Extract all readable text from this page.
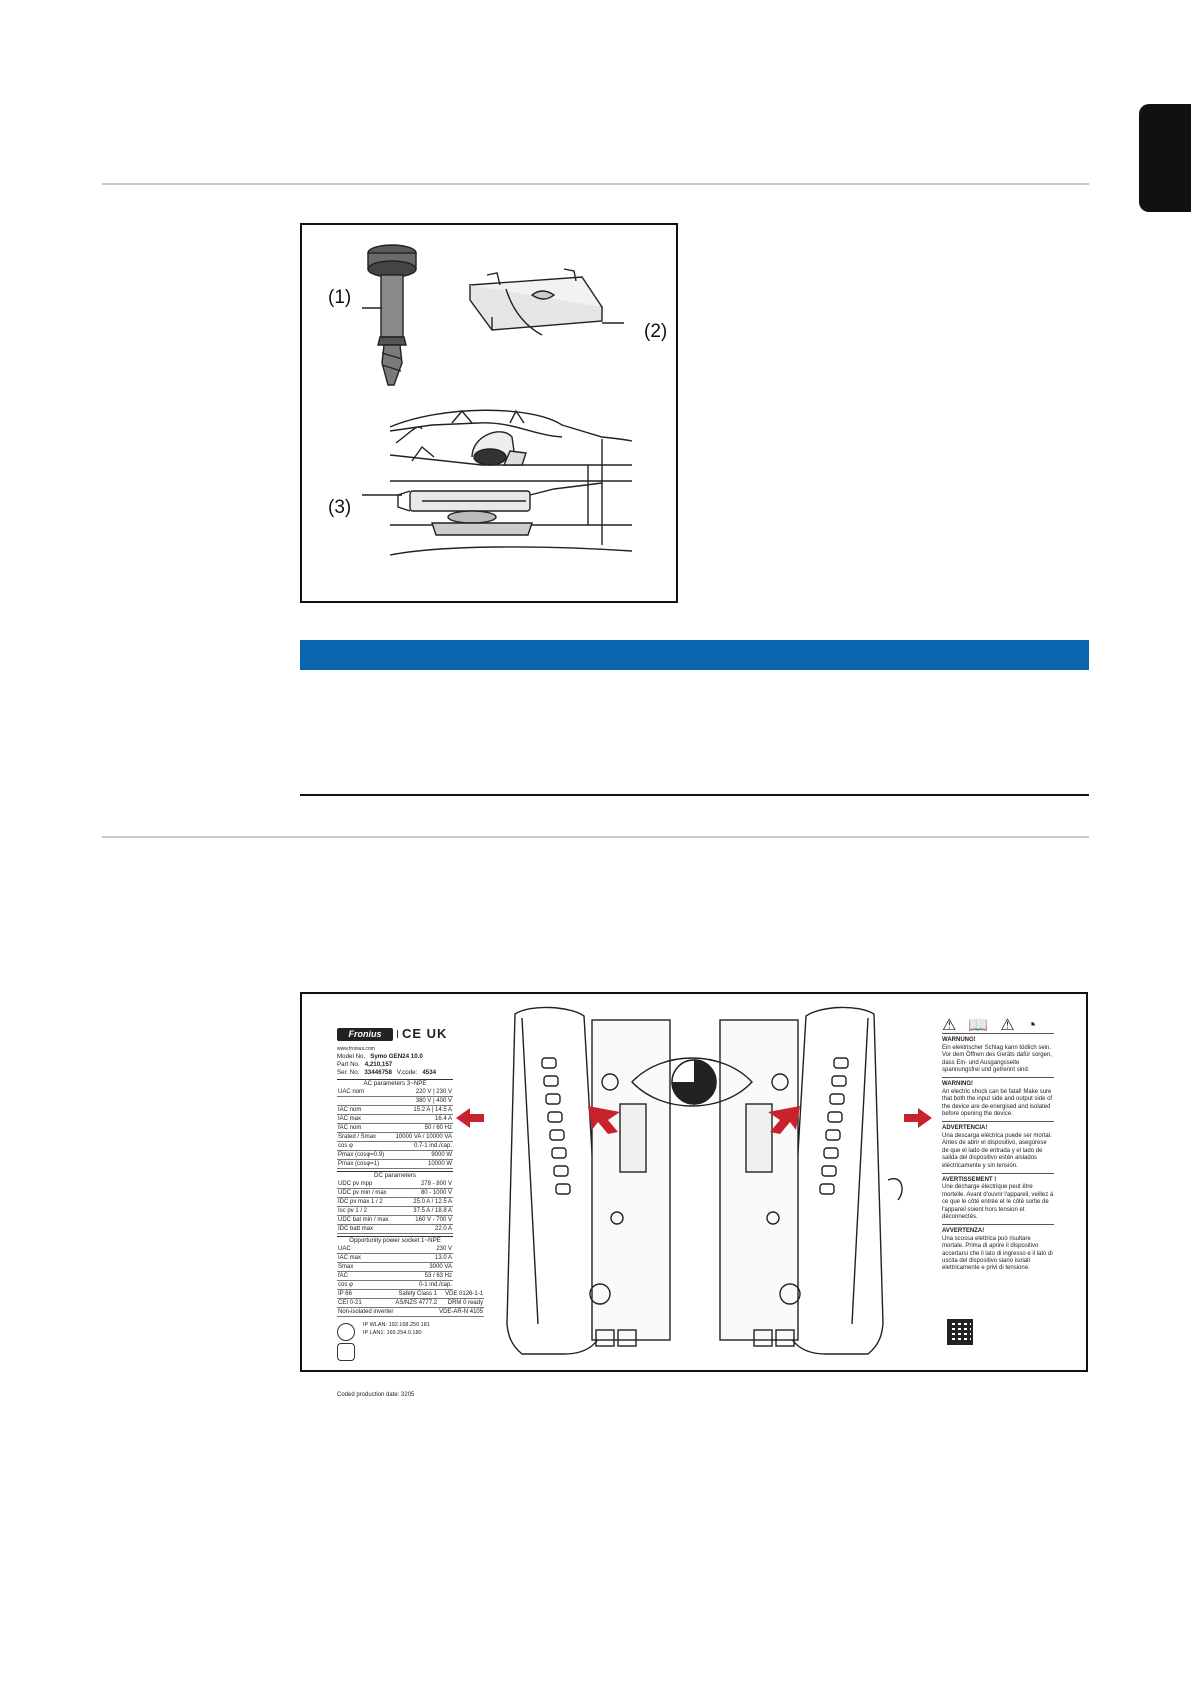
(1)
(2)
(3)
Fronius	CE UK
www.fronius.com
Model No. Symo GEN24 10.0
Part No. 4,210,157
Ser. No. 33446758 V.code: 4534
AC parameters 3~NPE
UAC nom	220 V | 230 V
	380 V | 400 V
IAC nom	15.2 A | 14.5 A
IAC max	16.4 A
fAC nom	50 / 60 Hz
Srated / Smax	10000 VA / 10000 VA
cos φ	0.7-1 ind./cap.
Pmax (cosφ=0.9)	9000 W
Pmax (cosφ=1)	10000 W
DC parameters
UDC pv mpp	278 - 800 V
UDC pv min / max	80 - 1000 V
IDC pv max 1 / 2	25.0 A / 12.5 A
Isc pv 1 / 2	37.5 A / 18.8 A
UDC bat min / max	160 V - 700 V
IDC batt max	22.0 A
Opportunity power socket 1~NPE
UAC	230 V
IAC max	13.0 A
Smax	3000 VA
fAC	53 / 63 Hz
cos φ	0-1 ind./cap.
IP 66	Safety Class 1	VDE 0126-1-1
CEI 0-21	AS/NZS 4777.2	DRM 0 ready
Non-isolated inverter		VDE-AR-N 4105
IP WLAN: 192.168.250.181
IP LAN1: 169.254.0.180
Coded production date: 3205
⚠ 📖 ⚠ ◔
WARNUNG!
Ein elektrischer Schlag kann tödlich sein. Vor dem Öffnen des Geräts dafür sorgen, dass Ein- und Ausgangsseite spannungsfrei und getrennt sind.
WARNING!
An electric shock can be fatal! Make sure that both the input side and output side of the device are de-energised and isolated before opening the device.
ADVERTENCIA!
Una descarga eléctrica puede ser mortal. Antes de abrir el dispositivo, asegúrese de que el lado de entrada y el lado de salida del dispositivo estén aislados eléctricamente y sin tensión.
AVERTISSEMENT !
Une décharge électrique peut être mortelle. Avant d'ouvrir l'appareil, veillez à ce que le côté entrée et le côté sortie de l'appareil soient hors tension et déconnectés.
AVVERTENZA!
Una scossa elettrica può risultare mortale. Prima di aprire il dispositivo accertarsi che il lato di ingresso e il lato di uscita del dispositivo siano isolati elettricamente e privi di tensione.
